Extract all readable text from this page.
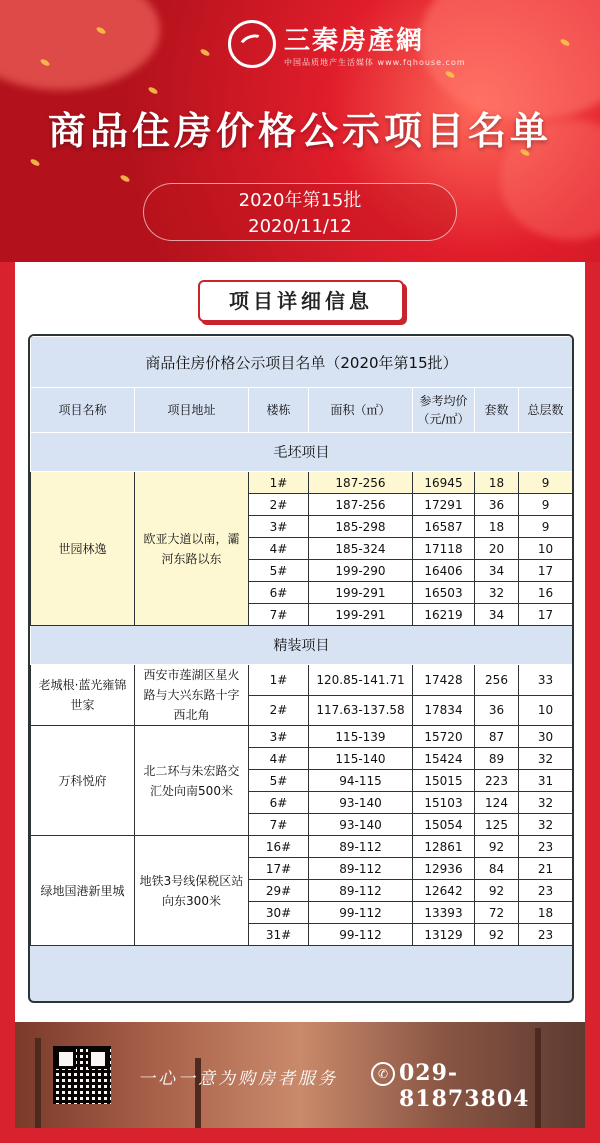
三秦房產網
中国品质地产生活媒体 www.fqhouse.com
商品住房价格公示项目名单
2020年第15批
2020/11/12
项目详细信息
商品住房价格公示项目名单（2020年第15批）						
项目名称	项目地址	楼栋	面积（㎡）	参考均价（元/㎡）	套数	总层数
毛坯项目						
世园林逸	欧亚大道以南，灞河东路以东	1#	187-256	16945	18	9
		2#	187-256	17291	36	9
		3#	185-298	16587	18	9
		4#	185-324	17118	20	10
		5#	199-290	16406	34	17
		6#	199-291	16503	32	16
		7#	199-291	16219	34	17
精装项目						
老城根·蓝光雍锦世家	西安市莲湖区星火路与大兴东路十字西北角	1#	120.85-141.71	17428	256	33
		2#	117.63-137.58	17834	36	10
万科悦府	北二环与朱宏路交汇处向南500米	3#	115-139	15720	87	30
		4#	115-140	15424	89	32
		5#	94-115	15015	223	31
		6#	93-140	15103	124	32
		7#	93-140	15054	125	32
绿地国港新里城	地铁3号线保税区站向东300米	16#	89-112	12861	92	23
		17#	89-112	12936	84	21
		29#	89-112	12642	92	23
		30#	99-112	13393	72	18
		31#	99-112	13129	92	23

一心一意为购房者服务	✆ 029-81873804
